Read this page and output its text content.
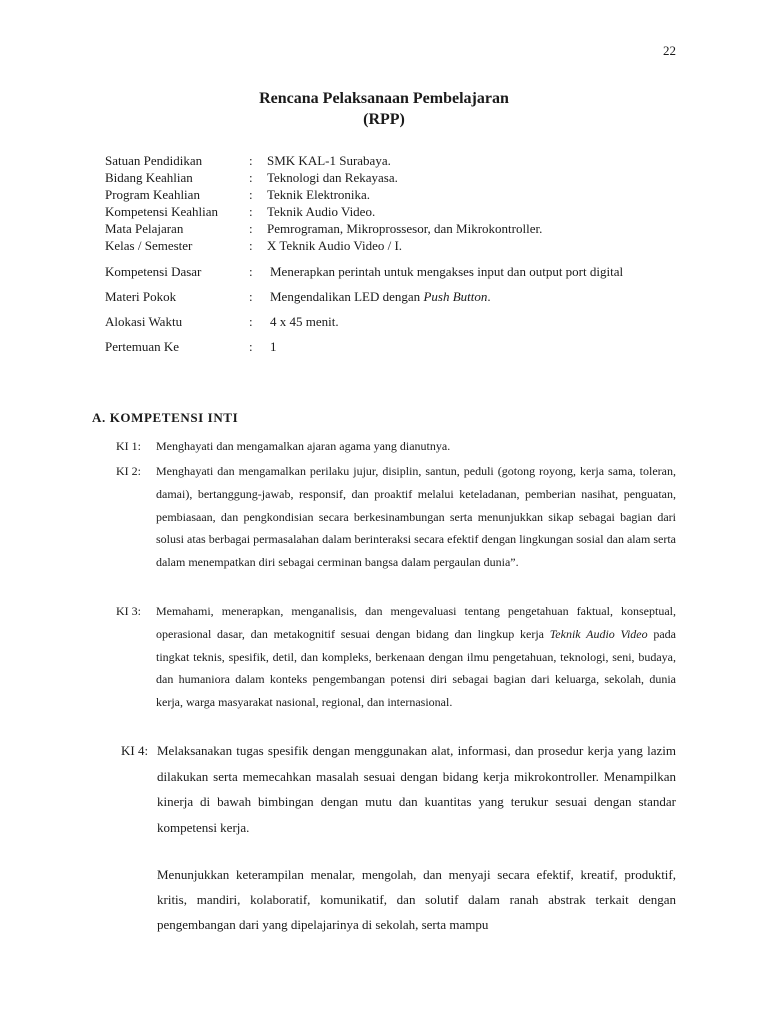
22
Rencana Pelaksanaan Pembelajaran
(RPP)
Satuan Pendidikan	: SMK KAL-1 Surabaya.
Bidang Keahlian	: Teknologi dan Rekayasa.
Program Keahlian	: Teknik Elektronika.
Kompetensi Keahlian : Teknik Audio Video.
Mata Pelajaran	: Pemrograman, Mikroprossesor, dan Mikrokontroller.
Kelas / Semester	: X Teknik Audio Video / I.
Kompetensi Dasar	: Menerapkan perintah untuk mengakses input dan output port digital
Materi Pokok	: Mengendalikan LED dengan Push Button.
Alokasi Waktu	: 4 x 45 menit.
Pertemuan Ke	: 1
A. KOMPETENSI INTI
KI 1: Menghayati dan mengamalkan ajaran agama yang dianutnya.
KI 2: Menghayati dan mengamalkan perilaku jujur, disiplin, santun, peduli (gotong royong, kerja sama, toleran, damai), bertanggung-jawab, responsif, dan proaktif melalui keteladanan, pemberian nasihat, penguatan, pembiasaan, dan pengkondisian secara berkesinambungan serta menunjukkan sikap sebagai bagian dari solusi atas berbagai permasalahan dalam berinteraksi secara efektif dengan lingkungan sosial dan alam serta dalam menempatkan diri sebagai cerminan bangsa dalam pergaulan dunia”.
KI 3: Memahami, menerapkan, menganalisis, dan mengevaluasi tentang pengetahuan faktual, konseptual, operasional dasar, dan metakognitif sesuai dengan bidang dan lingkup kerja Teknik Audio Video pada tingkat teknis, spesifik, detil, dan kompleks, berkenaan dengan ilmu pengetahuan, teknologi, seni, budaya, dan humaniora dalam konteks pengembangan potensi diri sebagai bagian dari keluarga, sekolah, dunia kerja, warga masyarakat nasional, regional, dan internasional.
KI 4: Melaksanakan tugas spesifik dengan menggunakan alat, informasi, dan prosedur kerja yang lazim dilakukan serta memecahkan masalah sesuai dengan bidang kerja mikrokontroller. Menampilkan kinerja di bawah bimbingan dengan mutu dan kuantitas yang terukur sesuai dengan standar kompetensi kerja.
Menunjukkan keterampilan menalar, mengolah, dan menyaji secara efektif, kreatif, produktif, kritis, mandiri, kolaboratif, komunikatif, dan solutif dalam ranah abstrak terkait dengan pengembangan dari yang dipelajarinya di sekolah, serta mampu
